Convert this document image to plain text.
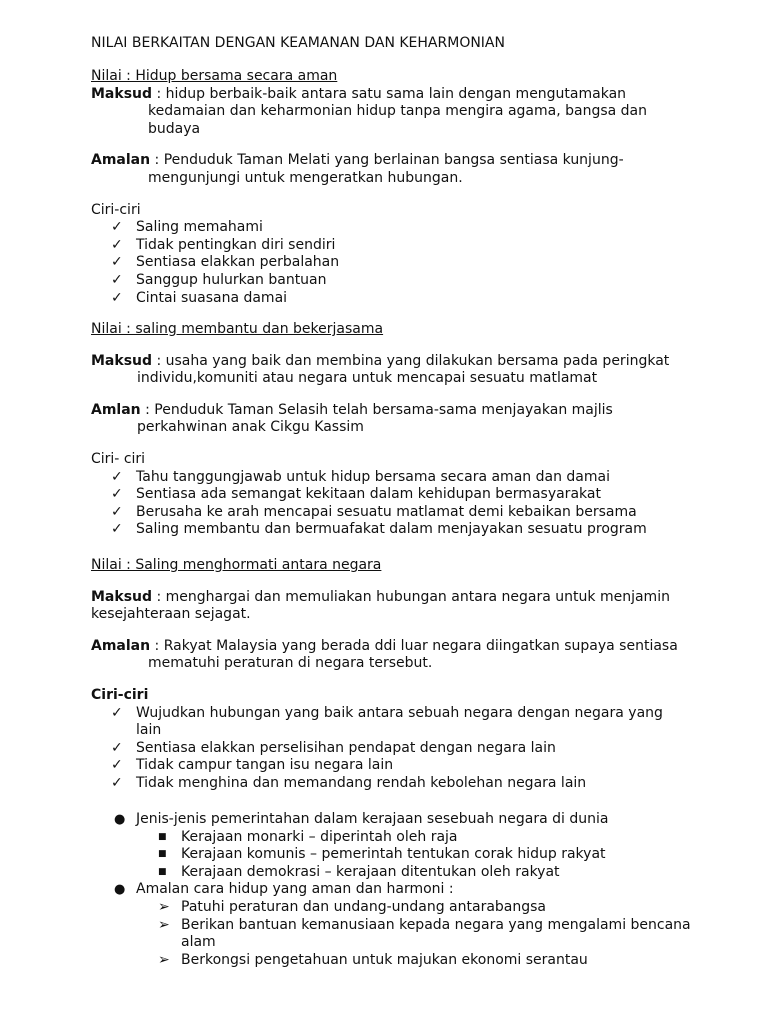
NILAI BERKAITAN DENGAN KEAMANAN DAN KEHARMONIAN
Nilai : Hidup bersama secara aman
Maksud : hidup berbaik-baik antara satu sama lain dengan mengutamakan kedamaian dan keharmonian hidup tanpa mengira agama, bangsa dan budaya
Amalan : Penduduk Taman Melati yang berlainan bangsa sentiasa kunjung-mengunjungi untuk mengeratkan hubungan.
Ciri-ciri
✓ Saling memahami
✓ Tidak pentingkan diri sendiri
✓ Sentiasa elakkan perbalahan
✓ Sanggup hulurkan bantuan
✓ Cintai suasana damai
Nilai : saling membantu dan bekerjasama
Maksud : usaha yang baik dan membina yang dilakukan bersama pada peringkat individu,komuniti atau negara untuk mencapai sesuatu matlamat
Amlan : Penduduk Taman Selasih telah bersama-sama menjayakan majlis perkahwinan anak Cikgu Kassim
Ciri- ciri
✓ Tahu tanggungjawab untuk hidup bersama secara aman dan damai
✓ Sentiasa ada semangat kekitaan dalam kehidupan bermasyarakat
✓ Berusaha ke arah mencapai sesuatu matlamat demi kebaikan bersama
✓ Saling membantu dan bermuafakat dalam menjayakan sesuatu program
Nilai : Saling menghormati antara negara
Maksud : menghargai dan memuliakan hubungan antara negara untuk menjamin kesejahteraan sejagat.
Amalan : Rakyat Malaysia yang berada ddi luar negara diingatkan supaya sentiasa mematuhi peraturan di negara tersebut.
Ciri-ciri
✓ Wujudkan hubungan yang baik antara sebuah negara dengan negara yang lain
✓ Sentiasa elakkan perselisihan pendapat dengan negara lain
✓ Tidak campur tangan isu negara lain
✓ Tidak menghina dan memandang rendah kebolehan negara lain
● Jenis-jenis pemerintahan dalam kerajaan sesebuah negara di dunia
■ Kerajaan monarki – diperintah oleh raja
■ Kerajaan komunis – pemerintah tentukan corak hidup rakyat
■ Kerajaan demokrasi – kerajaan ditentukan oleh rakyat
● Amalan cara hidup yang aman dan harmoni :
➢ Patuhi peraturan dan undang-undang antarabangsa
➢ Berikan bantuan kemanusiaan kepada negara yang mengalami bencana alam
➢ Berkongsi pengetahuan untuk majukan ekonomi serantau
